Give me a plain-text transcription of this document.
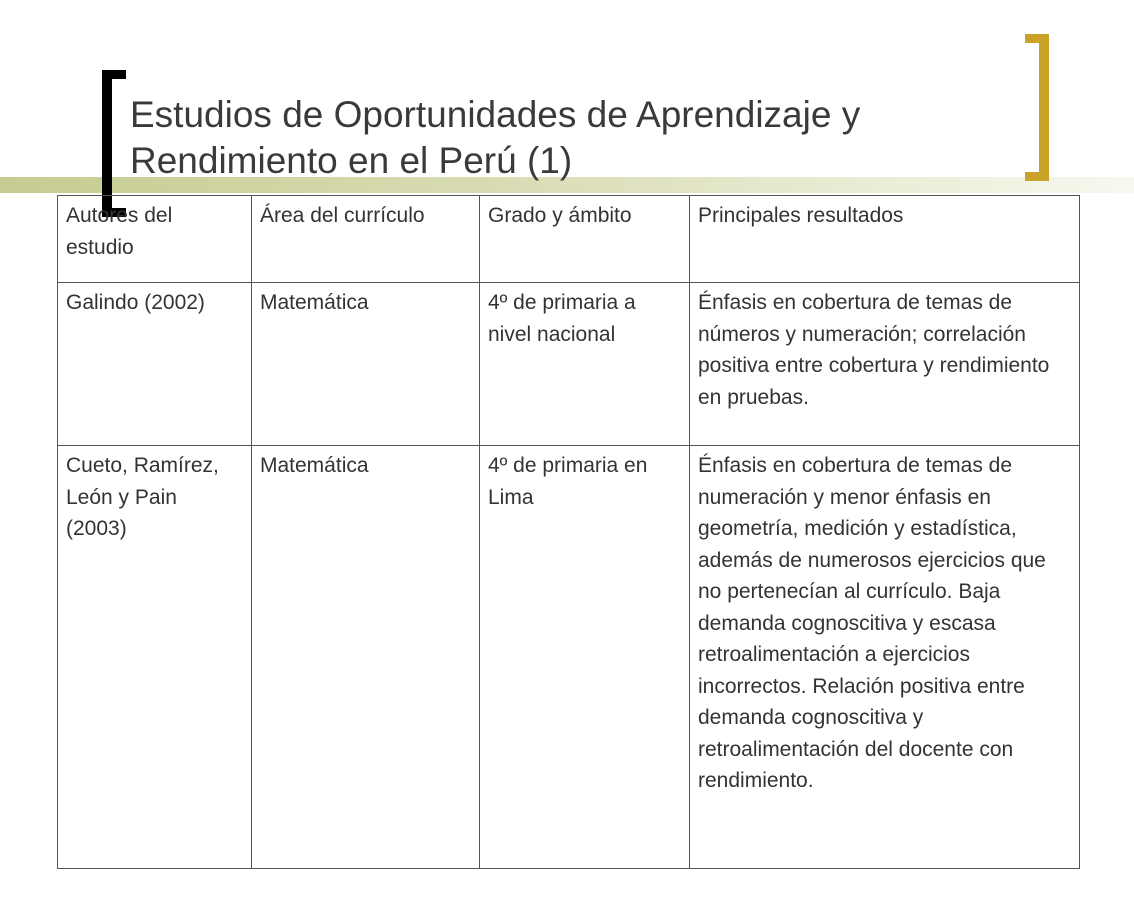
Estudios de Oportunidades de Aprendizaje y Rendimiento en el Perú (1)
Autores del estudio	Área del currículo	Grado y ámbito	Principales resultados
Galindo (2002)	Matemática	4º de primaria a nivel nacional	Énfasis en cobertura de temas de números y numeración; correlación positiva entre cobertura y rendimiento en pruebas.
Cueto, Ramírez, León y Pain (2003)	Matemática	4º de primaria en Lima	Énfasis en cobertura de temas de numeración y menor énfasis en geometría, medición y estadística, además de numerosos ejercicios que no pertenecían al currículo. Baja demanda cognoscitiva y escasa retroalimentación a ejercicios incorrectos. Relación positiva entre demanda cognoscitiva y retroalimentación del docente con rendimiento.
